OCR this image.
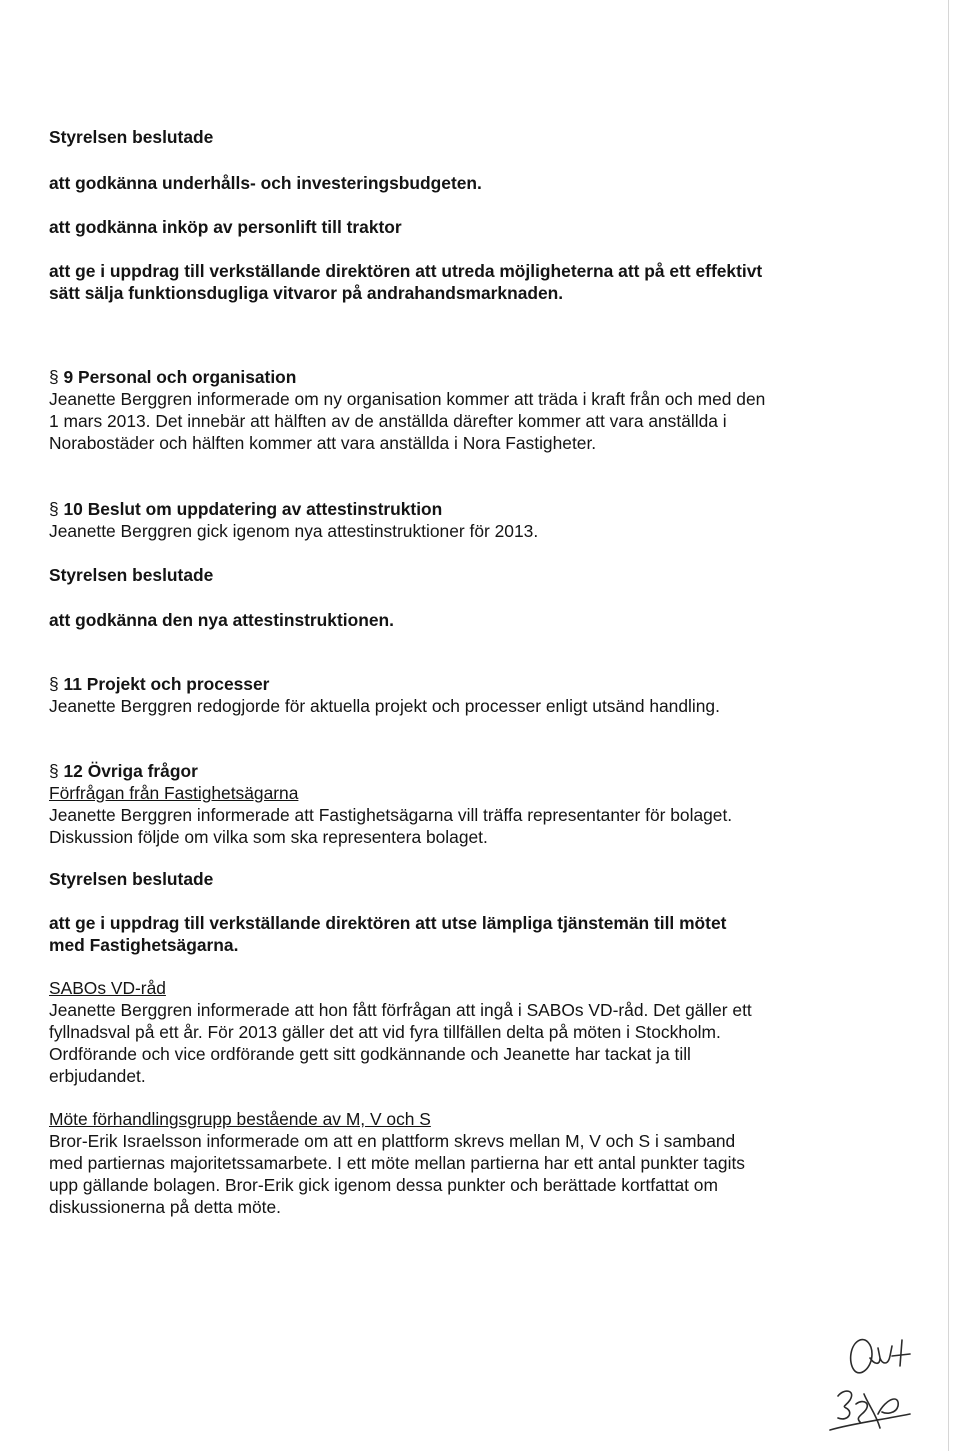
Styrelsen beslutade
att godkänna underhålls- och investeringsbudgeten.
att godkänna inköp av personlift till traktor
att ge i uppdrag till verkställande direktören att utreda möjligheterna att på ett effektivt
sätt sälja funktionsdugliga vitvaror på andrahandsmarknaden.
§ 9 Personal och organisation
Jeanette Berggren informerade om ny organisation kommer att träda i kraft från och med den
1 mars 2013. Det innebär att hälften av de anställda därefter kommer att vara anställda i
Norabostäder och hälften kommer att vara anställda i Nora Fastigheter.
§ 10 Beslut om uppdatering av attestinstruktion
Jeanette Berggren gick igenom nya attestinstruktioner för 2013.
Styrelsen beslutade
att godkänna den nya attestinstruktionen.
§ 11 Projekt och processer
Jeanette Berggren redogjorde för aktuella projekt och processer enligt utsänd handling.
§ 12 Övriga frågor
Förfrågan från Fastighetsägarna
Jeanette Berggren informerade att Fastighetsägarna vill träffa representanter för bolaget.
Diskussion följde om vilka som ska representera bolaget.
Styrelsen beslutade
att ge i uppdrag till verkställande direktören att utse lämpliga tjänstemän till mötet
med Fastighetsägarna.
SABOs VD-råd
Jeanette Berggren informerade att hon fått förfrågan att ingå i SABOs VD-råd. Det gäller ett
fyllnadsval på ett år. För 2013 gäller det att vid fyra tillfällen delta på möten i Stockholm.
Ordförande och vice ordförande gett sitt godkännande och Jeanette har tackat ja till
erbjudandet.
Möte förhandlingsgrupp bestående av M, V och S
Bror-Erik Israelsson informerade om att en plattform skrevs mellan M, V och S i samband
med partiernas majoritetssamarbete. I ett möte mellan partierna har ett antal punkter tagits
upp gällande bolagen. Bror-Erik gick igenom dessa punkter och berättade kortfattat om
diskussionerna på detta möte.
